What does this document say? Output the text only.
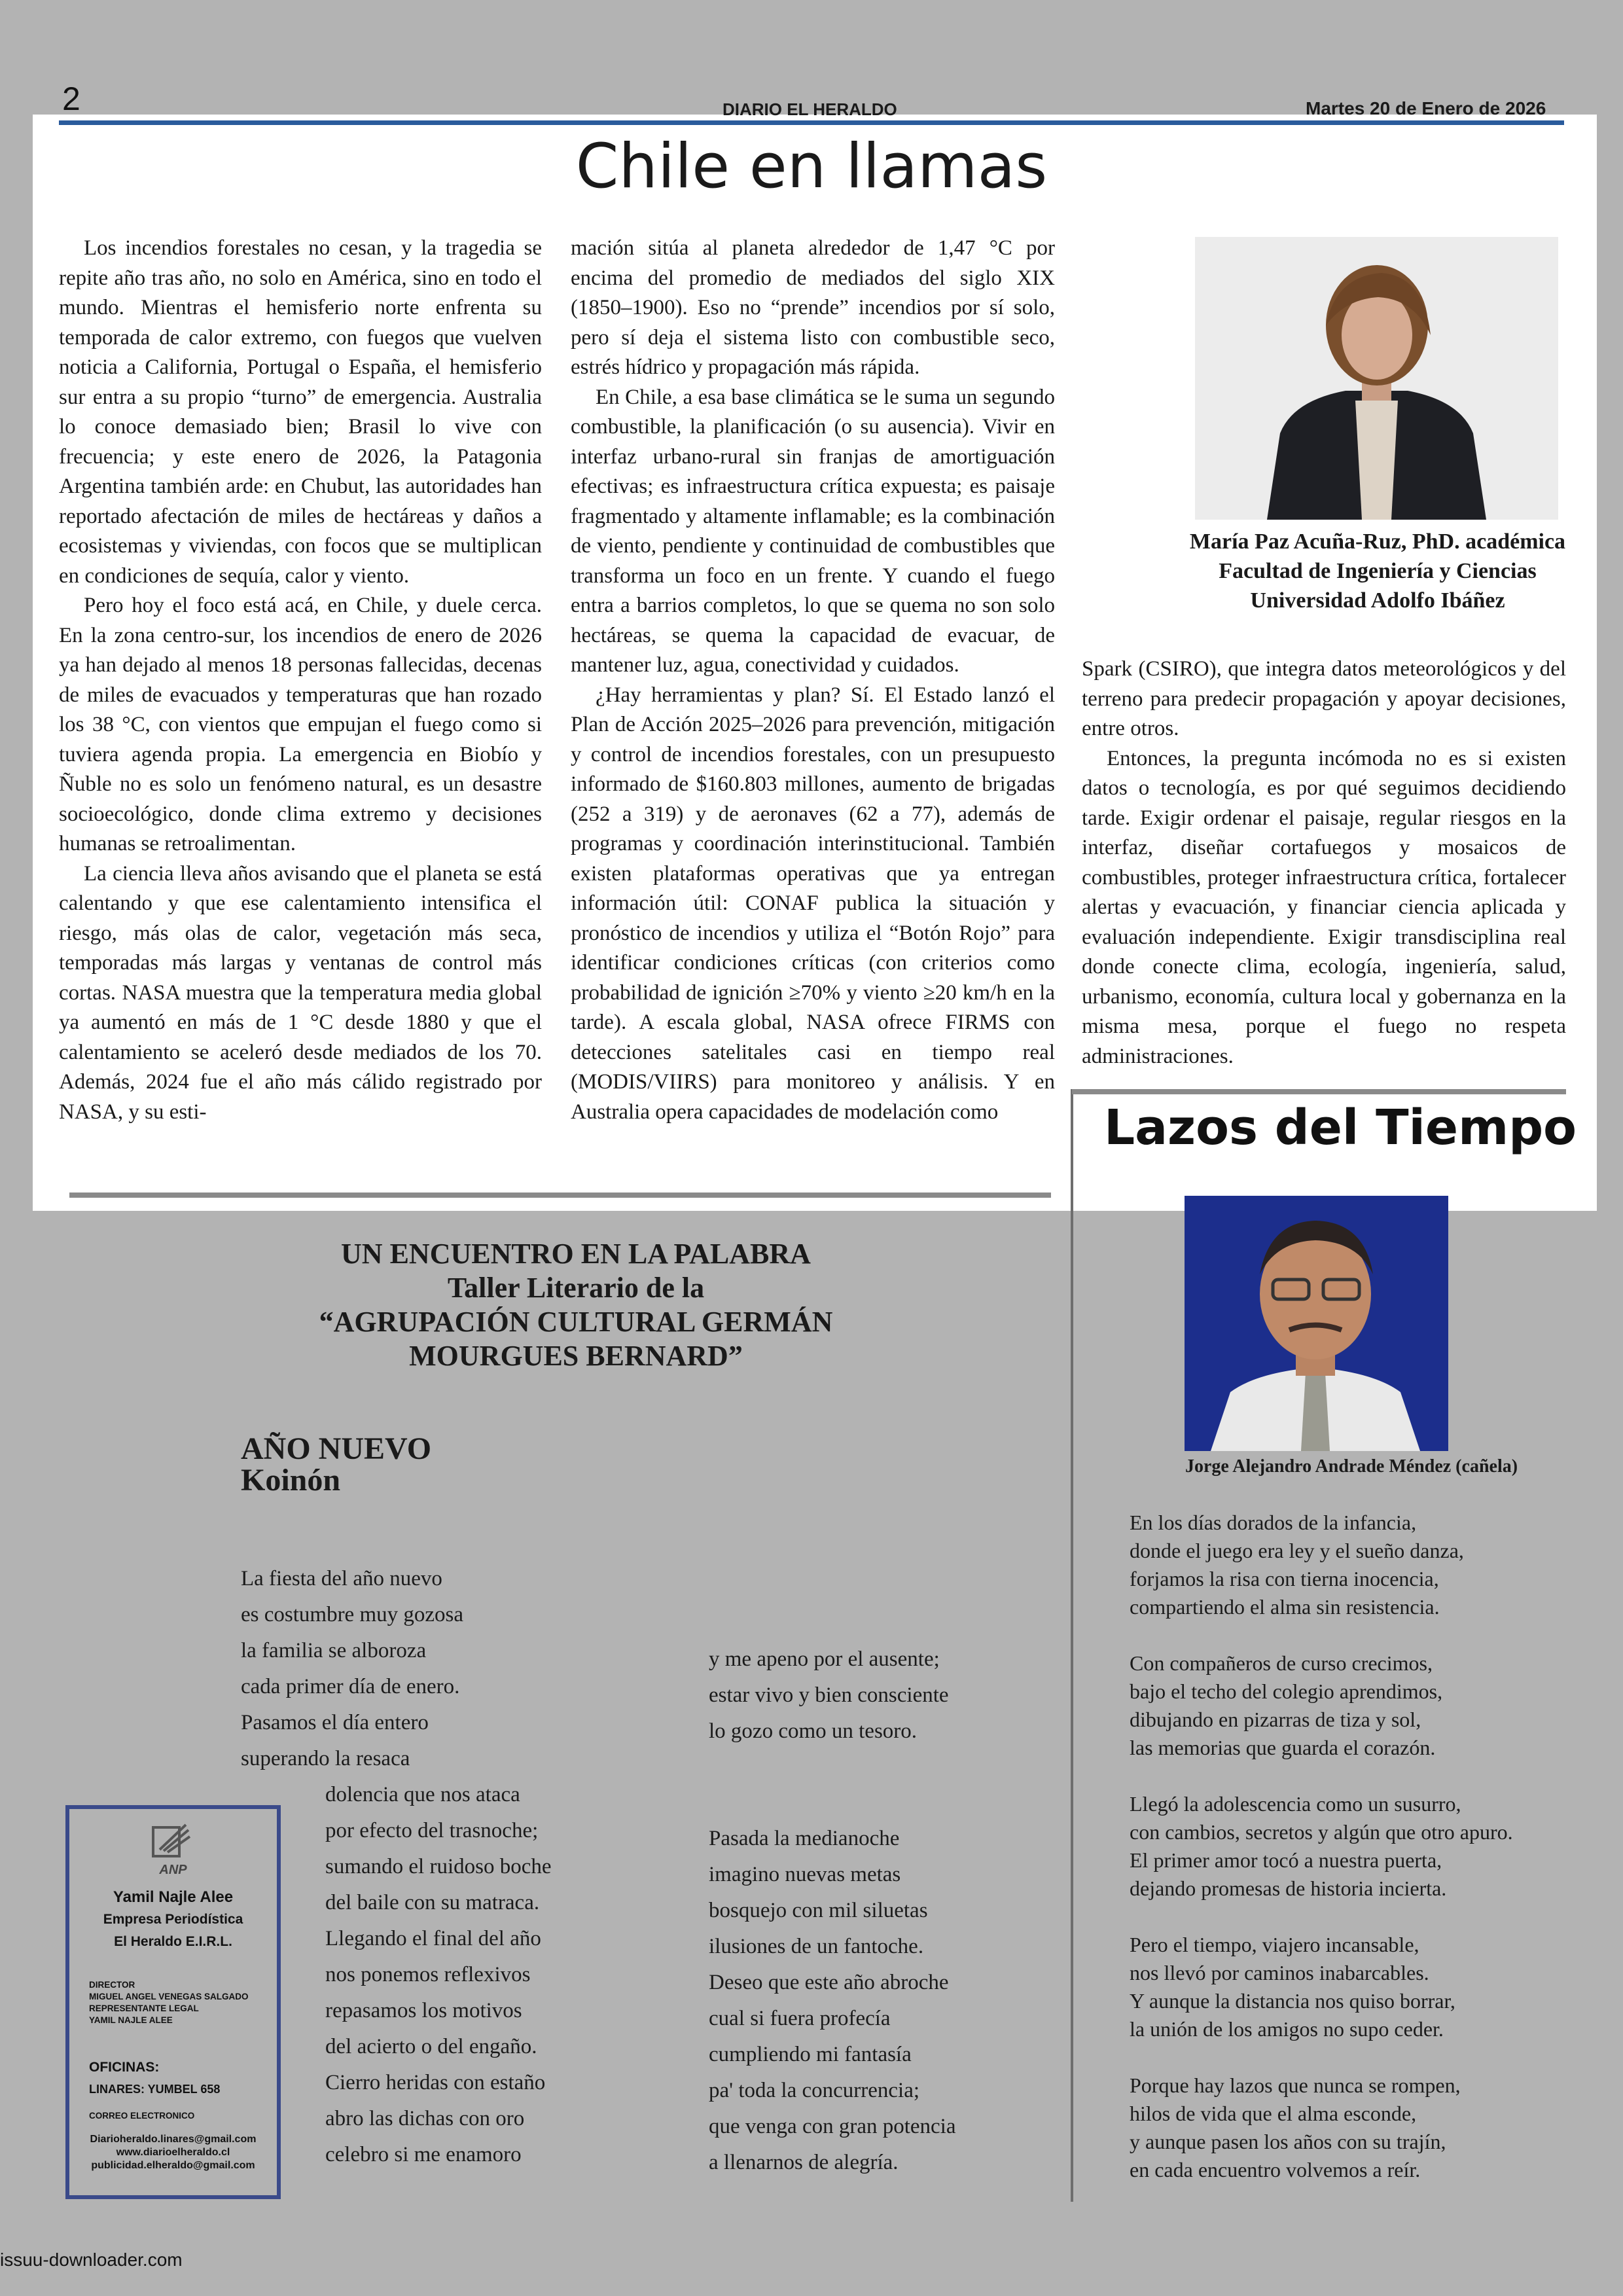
2	DIARIO EL HERALDO	Martes 20 de Enero de 2026
Chile en llamas

Los incendios forestales no cesan, y la tragedia se repite año tras año, no solo en América, sino en todo el mundo. Mientras el hemisferio norte enfrenta su temporada de calor extremo, con fuegos que vuelven noticia a California, Portugal o España, el hemisferio sur entra a su propio “turno” de emergencia. Australia lo conoce demasiado bien; Brasil lo vive con frecuencia; y este enero de 2026, la Patagonia Argentina también arde: en Chubut, las autoridades han reportado afectación de miles de hectáreas y daños a ecosistemas y viviendas, con focos que se multiplican en condiciones de sequía, calor y viento.

Pero hoy el foco está acá, en Chile, y duele cerca. En la zona centro-sur, los incendios de enero de 2026 ya han dejado al menos 18 personas fallecidas, decenas de miles de evacuados y temperaturas que han rozado los 38 °C, con vientos que empujan el fuego como si tuviera agenda propia. La emergencia en Biobío y Ñuble no es solo un fenómeno natural, es un desastre socioecológico, donde clima extremo y decisiones humanas se retroalimentan.

La ciencia lleva años avisando que el planeta se está calentando y que ese calentamiento intensifica el riesgo, más olas de calor, vegetación más seca, temporadas más largas y ventanas de control más cortas. NASA muestra que la temperatura media global ya aumentó en más de 1 °C desde 1880 y que el calentamiento se aceleró desde mediados de los 70. Además, 2024 fue el año más cálido registrado por NASA, y su esti-

mación sitúa al planeta alrededor de 1,47 °C por encima del promedio de mediados del siglo XIX (1850–1900). Eso no “prende” incendios por sí solo, pero sí deja el sistema listo con combustible seco, estrés hídrico y propagación más rápida.

En Chile, a esa base climática se le suma un segundo combustible, la planificación (o su ausencia). Vivir en interfaz urbano-rural sin franjas de amortiguación efectivas; es infraestructura crítica expuesta; es paisaje fragmentado y altamente inflamable; es la combinación de viento, pendiente y continuidad de combustibles que transforma un foco en un frente. Y cuando el fuego entra a barrios completos, lo que se quema no son solo hectáreas, se quema la capacidad de evacuar, de mantener luz, agua, conectividad y cuidados.

¿Hay herramientas y plan? Sí. El Estado lanzó el Plan de Acción 2025–2026 para prevención, mitigación y control de incendios forestales, con un presupuesto informado de $160.803 millones, aumento de brigadas (252 a 319) y de aeronaves (62 a 77), además de programas y coordinación interinstitucional. También existen plataformas operativas que ya entregan información útil: CONAF publica la situación y pronóstico de incendios y utiliza el “Botón Rojo” para identificar condiciones críticas (con criterios como probabilidad de ignición ≥70% y viento ≥20 km/h en la tarde). A escala global, NASA ofrece FIRMS con detecciones satelitales casi en tiempo real (MODIS/VIIRS) para monitoreo y análisis. Y en Australia opera capacidades de modelación como

María Paz Acuña-Ruz, PhD. académica Facultad de Ingeniería y Ciencias Universidad Adolfo Ibáñez

Spark (CSIRO), que integra datos meteorológicos y del terreno para predecir propagación y apoyar decisiones, entre otros.

Entonces, la pregunta incómoda no es si existen datos o tecnología, es por qué seguimos decidiendo tarde. Exigir ordenar el paisaje, regular riesgos en la interfaz, diseñar cortafuegos y mosaicos de combustibles, proteger infraestructura crítica, fortalecer alertas y evacuación, y financiar ciencia aplicada y evaluación independiente. Exigir transdisciplina real donde conecte clima, ecología, ingeniería, salud, urbanismo, economía, cultura local y gobernanza en la misma mesa, porque el fuego no respeta administraciones.

Lazos del Tiempo
Jorge Alejandro Andrade Méndez (cañela)
En los días dorados de la infancia,
donde el juego era ley y el sueño danza,
forjamos la risa con tierna inocencia,
compartiendo el alma sin resistencia.
Con compañeros de curso crecimos,
bajo el techo del colegio aprendimos,
dibujando en pizarras de tiza y sol,
las memorias que guarda el corazón.
Llegó la adolescencia como un susurro,
con cambios, secretos y algún que otro apuro.
El primer amor tocó a nuestra puerta,
dejando promesas de historia incierta.
Pero el tiempo, viajero incansable,
nos llevó por caminos inabarcables.
Y aunque la distancia nos quiso borrar,
la unión de los amigos no supo ceder.
Porque hay lazos que nunca se rompen,
hilos de vida que el alma esconde,
y aunque pasen los años con su trajín,
en cada encuentro volvemos a reír.
UN ENCUENTRO EN LA PALABRA
Taller Literario de la
“AGRUPACIÓN CULTURAL GERMÁN
MOURGUES BERNARD”
AÑO NUEVO
Koinón
La fiesta del año nuevo
es costumbre muy gozosa
la familia se alboroza
cada primer día de enero.
Pasamos el día entero
superando la resaca
dolencia que nos ataca
por efecto del trasnoche;
sumando el ruidoso boche
del baile con su matraca.
Llegando el final del año
nos ponemos reflexivos
repasamos los motivos
del acierto o del engaño.
Cierro heridas con estaño
abro las dichas con oro
celebro si me enamoro
y me apeno por el ausente;
estar vivo y bien consciente
lo gozo como un tesoro.
Pasada la medianoche
imagino nuevas metas
bosquejo con mil siluetas
ilusiones de un fantoche.
Deseo que este año abroche
cual si fuera profecía
cumpliendo mi fantasía
pa' toda la concurrencia;
que venga con gran potencia
a llenarnos de alegría.
ANP
Yamil Najle Alee
Empresa Periodística
El Heraldo E.I.R.L.
DIRECTOR
MIGUEL ANGEL VENEGAS SALGADO
REPRESENTANTE LEGAL
YAMIL NAJLE ALEE
OFICINAS:
LINARES: YUMBEL 658
CORREO ELECTRONICO
Diarioheraldo.linares@gmail.com
www.diarioelheraldo.cl
publicidad.elheraldo@gmail.com
issuu-downloader.com
